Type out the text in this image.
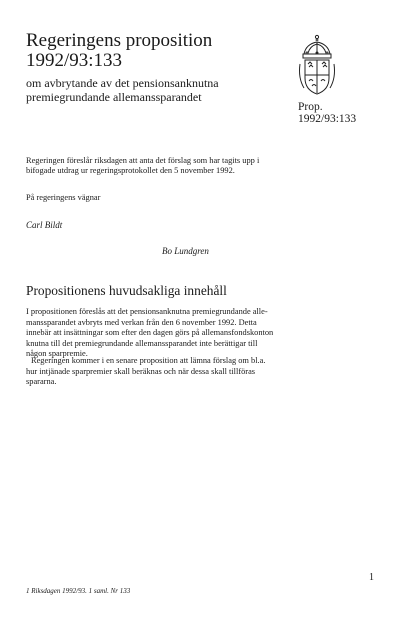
Regeringens proposition
1992/93:133
om avbrytande av det pensionsanknutna
premiegrundande allemanssparandet
Prop.
1992/93:133
Regeringen föreslår riksdagen att anta det förslag som har tagits upp i
bifogade utdrag ur regeringsprotokollet den 5 november 1992.
På regeringens vägnar
Carl Bildt
Bo Lundgren
Propositionens huvudsakliga innehåll
I propositionen föreslås att det pensionsanknutna premiegrundande alle-
manssparandet avbryts med verkan från den 6 november 1992. Detta
innebär att insättningar som efter den dagen görs på allemansfondskonton
knutna till det premiegrundande allemanssparandet inte berättigar till
någon sparpremie.
Regeringen kommer i en senare proposition att lämna förslag om bl.a.
hur intjänade sparpremier skall beräknas och när dessa skall tillföras
spararna.
1
1 Riksdagen 1992/93. 1 saml. Nr 133
